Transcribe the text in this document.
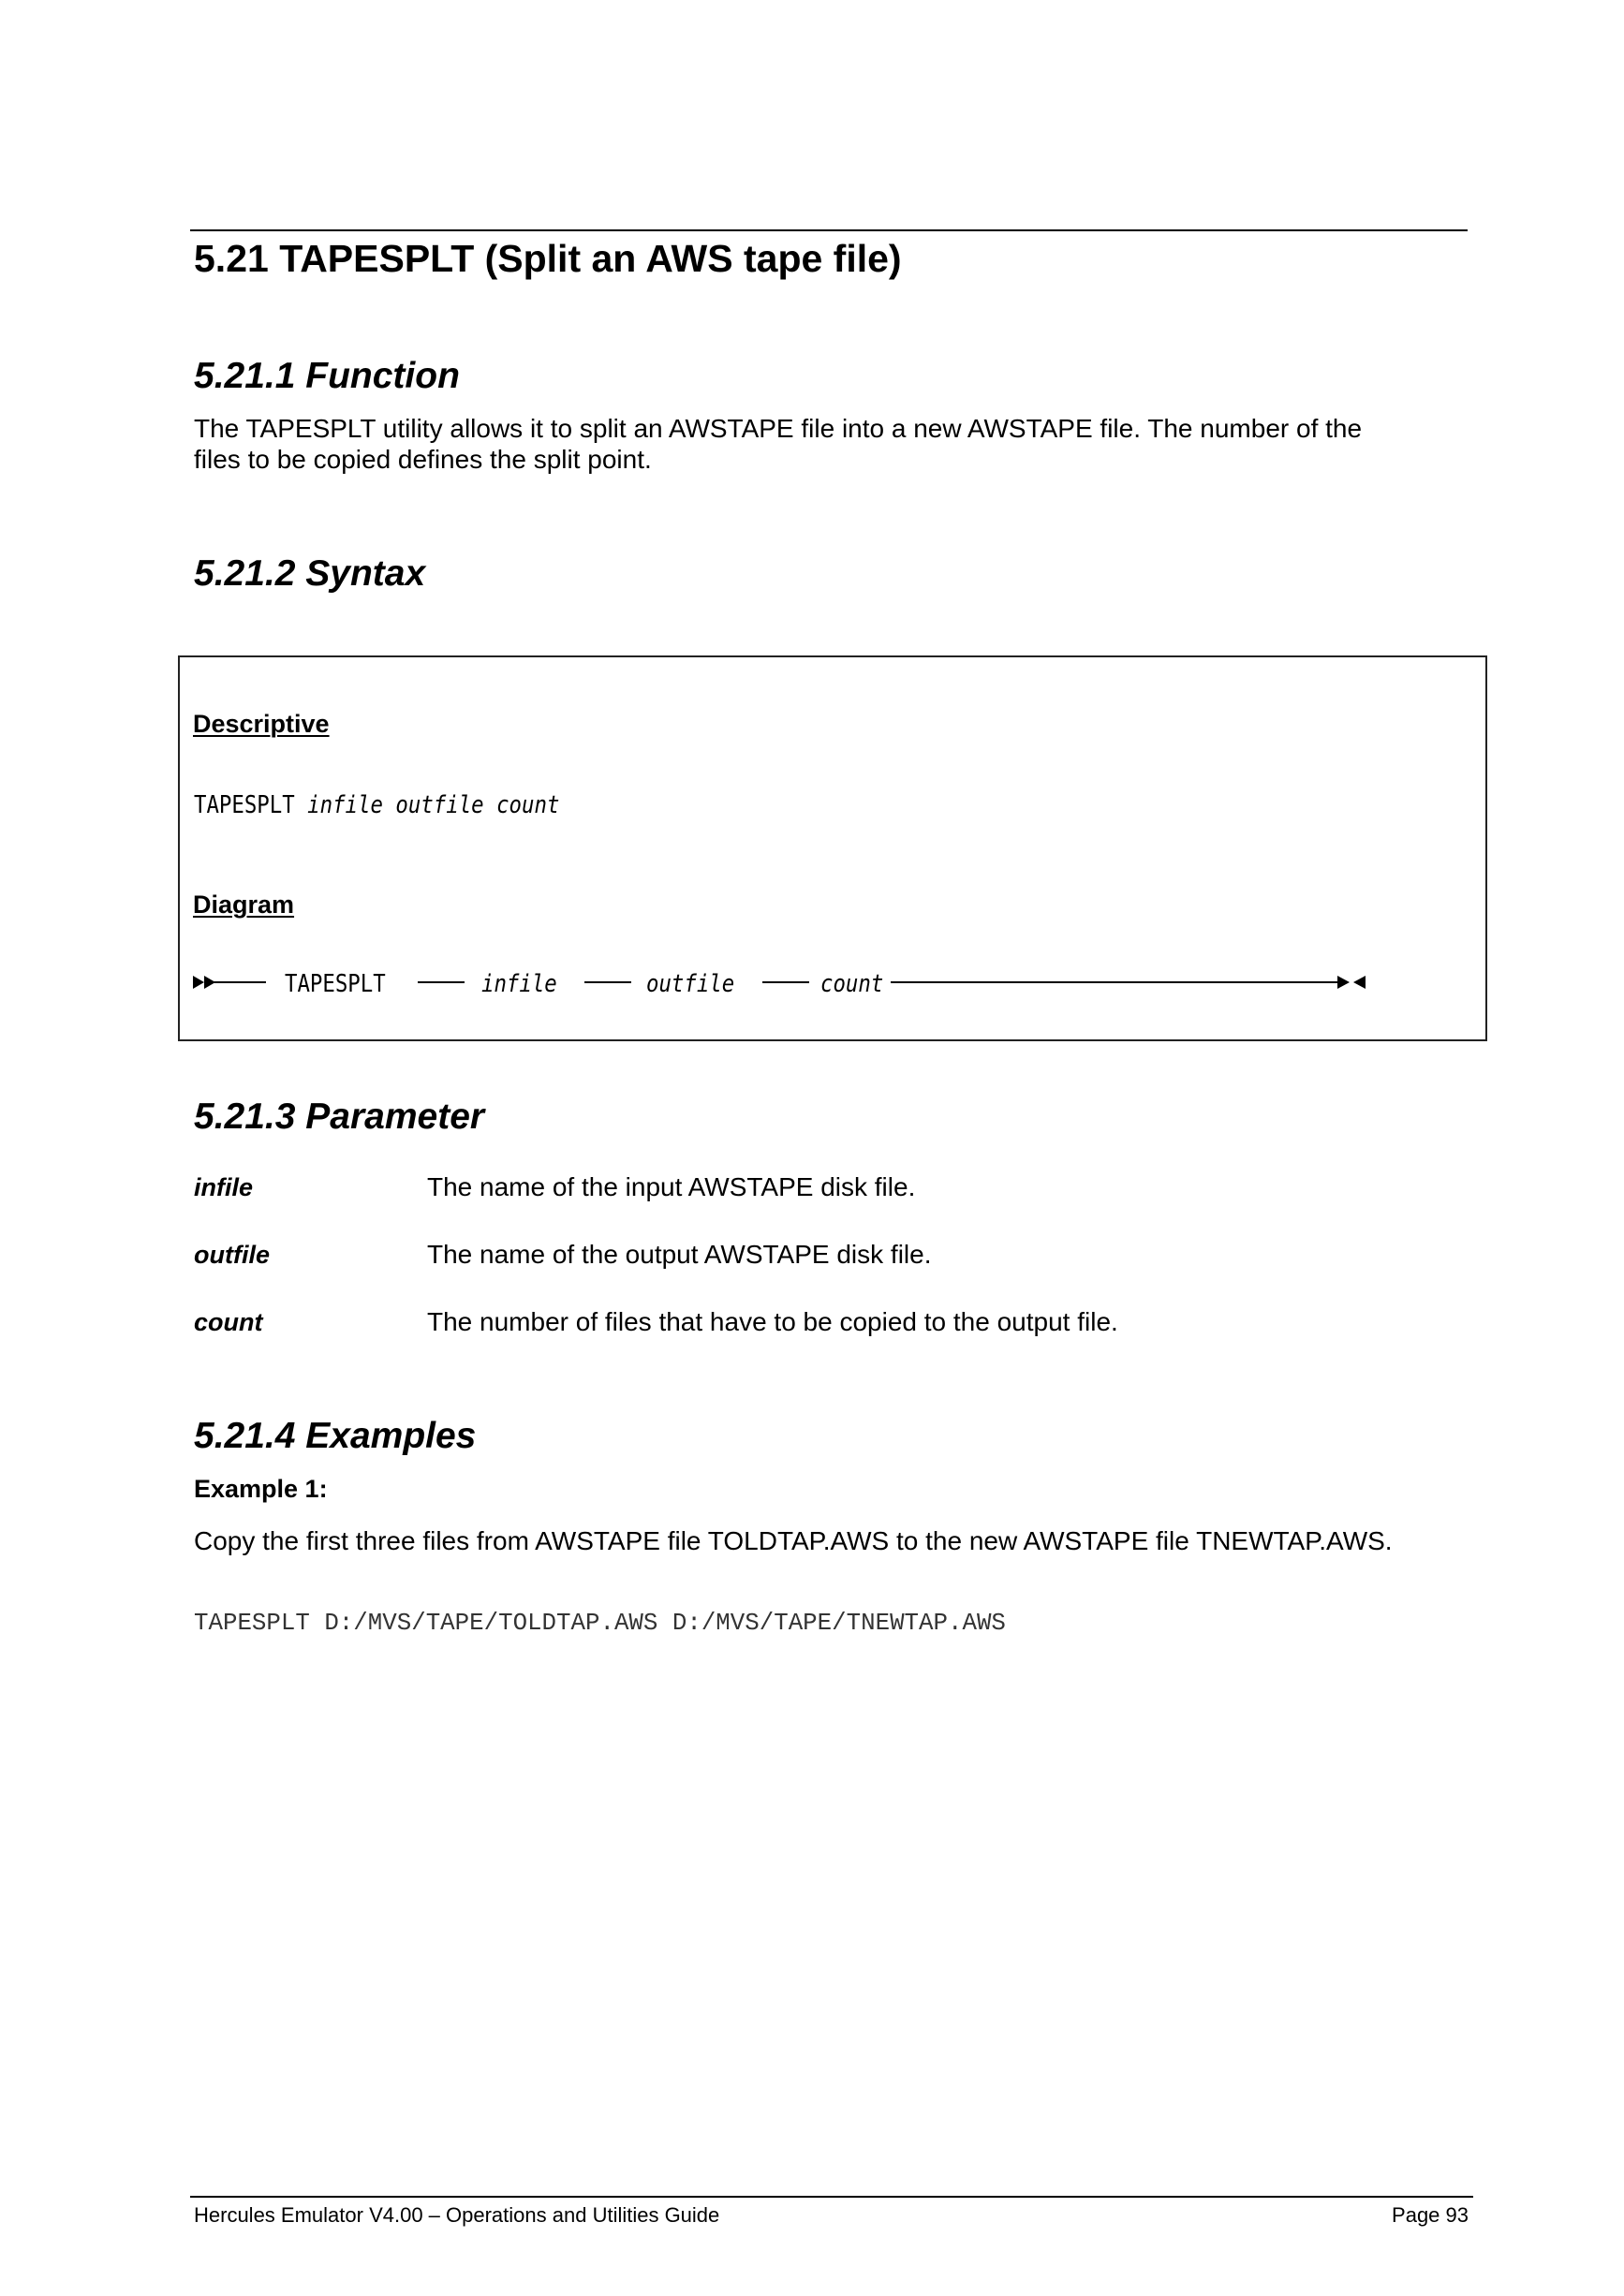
5.21 TAPESPLT (Split an AWS tape file)
5.21.1 Function
The TAPESPLT utility allows it to split an AWSTAPE file into a new AWSTAPE file. The number of the
files to be copied defines the split point.
5.21.2 Syntax
Descriptive
TAPESPLT infile outfile count
Diagram
TAPESPLT	infile	outfile	count
5.21.3 Parameter
infile	The name of the input AWSTAPE disk file.
outfile	The name of the output AWSTAPE disk file.
count	The number of files that have to be copied to the output file.
5.21.4 Examples
Example 1:
Copy the first three files from AWSTAPE file TOLDTAP.AWS to the new AWSTAPE file TNEWTAP.AWS.
TAPESPLT D:/MVS/TAPE/TOLDTAP.AWS D:/MVS/TAPE/TNEWTAP.AWS
Hercules Emulator V4.00 – Operations and Utilities Guide	Page 93
